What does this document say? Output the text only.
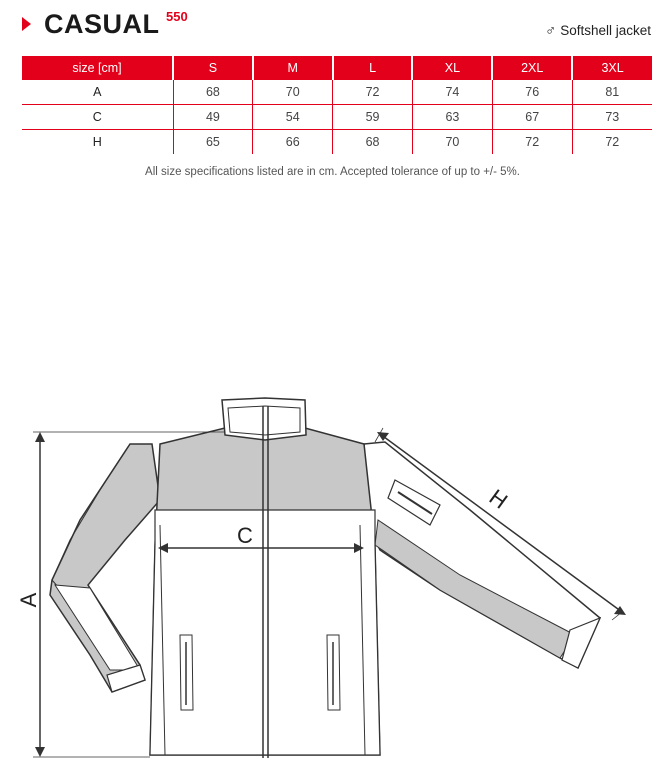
CASUAL 550
♂ Softshell jacket
size [cm]	S	M	L	XL	2XL	3XL
A	68	70	72	74	76	81
C	49	54	59	63	67	73
H	65	66	68	70	72	72
All size specifications listed are in cm. Accepted tolerance of up to +/- 5%.
A
C
H
